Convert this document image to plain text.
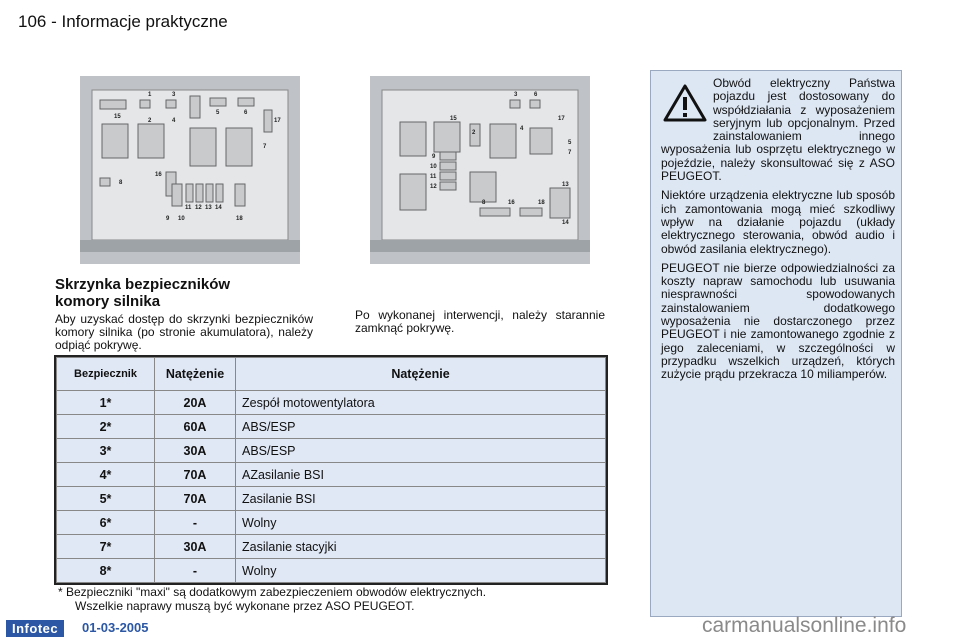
106 - Informacje praktyczne
1	3
2	4
15
5	6
17
7
8
16
11 12 13 14
9 10	18
3	6
15
2
4
17
5
7
9
10
11
12	13
8	16	18
14
Skrzynka bezpieczników
komory silnika
Aby uzyskać dostęp do skrzynki bezpieczników komory silnika (po stronie akumulatora), należy odpiąć pokrywę.
Po wykonanej interwencji, należy starannie zamknąć pokrywę.
Bezpiecznik	Natężenie	Natężenie
1*	20A	Zespół motowentylatora
2*	60A	ABS/ESP
3*	30A	ABS/ESP
4*	70A	AZasilanie BSI
5*	70A	Zasilanie BSI
6*	-	Wolny
7*	30A	Zasilanie stacyjki
8*	-	Wolny
* Bezpieczniki "maxi" są dodatkowym zabezpieczeniem obwodów elektrycznych.
Wszelkie naprawy muszą być wykonane przez ASO PEUGEOT.

Obwód elektryczny Państwa pojazdu jest dostosowany do współdziałania z wyposażeniem seryjnym lub opcjonalnym. Przed zainstalowaniem innego wyposażenia lub osprzętu elektrycznego w pojeździe, należy skonsultować się z ASO PEUGEOT.

Niektóre urządzenia elektryczne lub sposób ich zamontowania mogą mieć szkodliwy wpływ na działanie pojazdu (układy elektrycznego sterowania, obwód audio i obwód zasilania elektrycznego).

PEUGEOT nie bierze odpowiedzialności za koszty napraw samochodu lub usuwania niesprawności spowodowanych zainstalowaniem dodatkowego wyposażenia nie dostarczonego przez PEUGEOT i nie zamontowanego zgodnie z jego zaleceniami, w szczególności w przypadku wszelkich urządzeń, których zużycie prądu przekracza 10 miliamperów.

Infotec	01-03-2005	carmanualsonline.info
